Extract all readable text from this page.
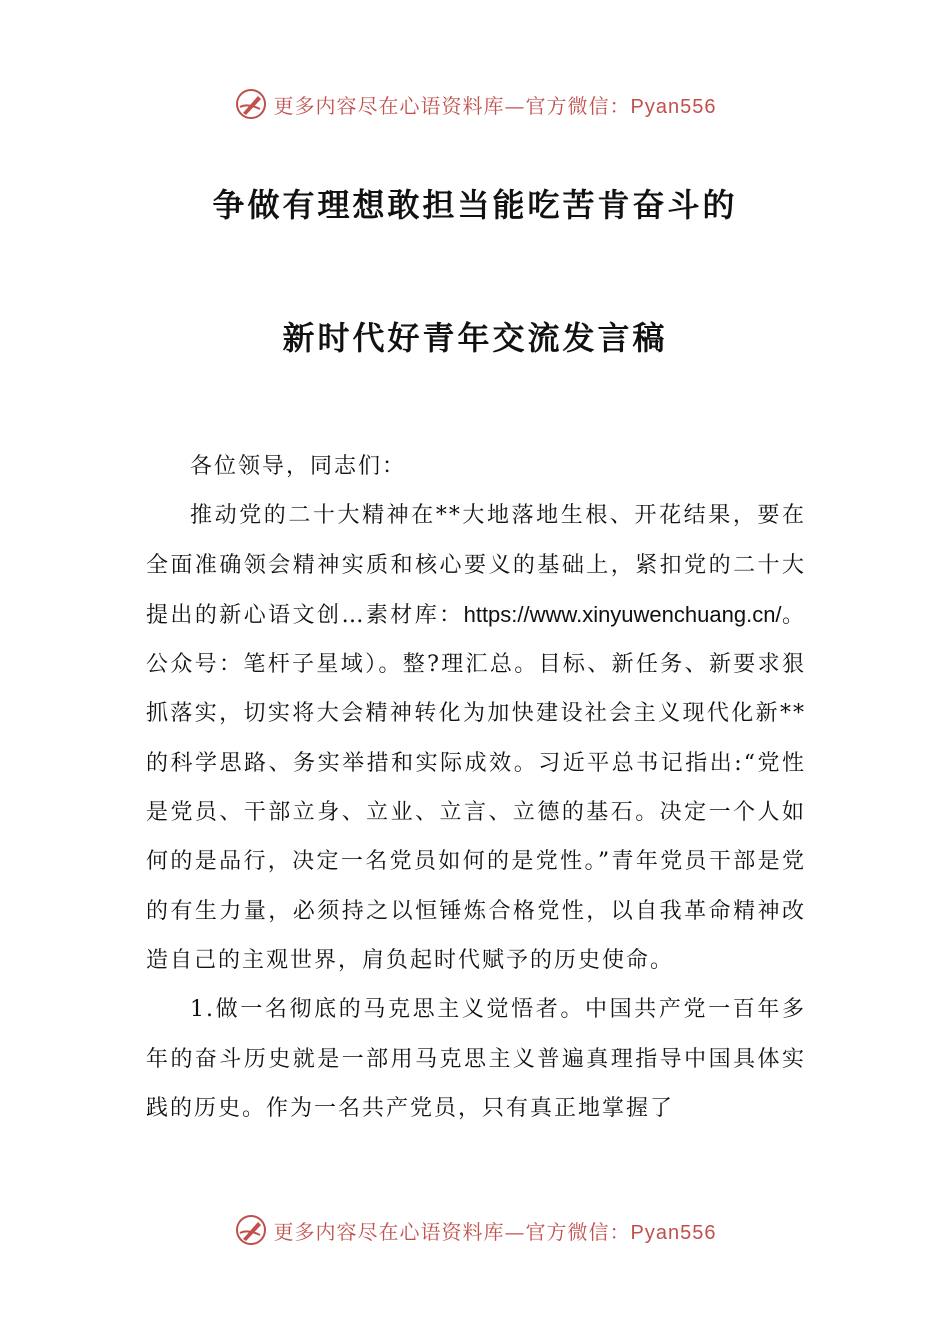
更多内容尽在心语资料库—官方微信：Pyan556
争做有理想敢担当能吃苦肯奋斗的
新时代好青年交流发言稿

各位领导，同志们：

推动党的二十大精神在**大地落地生根、开花结果，要在全面准确领会精神实质和核心要义的基础上，紧扣党的二十大提出的新心语文创…素材库：https://www.xinyuwenchuang.cn/。公众号：笔杆子星域）。整?理汇总。目标、新任务、新要求狠抓落实，切实将大会精神转化为加快建设社会主义现代化新**的科学思路、务实举措和实际成效。习近平总书记指出:“党性是党员、干部立身、立业、立言、立德的基石。决定一个人如何的是品行，决定一名党员如何的是党性。”青年党员干部是党的有生力量，必须持之以恒锤炼合格党性，以自我革命精神改造自己的主观世界，肩负起时代赋予的历史使命。

1.做一名彻底的马克思主义觉悟者。中国共产党一百年多年的奋斗历史就是一部用马克思主义普遍真理指导中国具体实践的历史。作为一名共产党员，只有真正地掌握了

更多内容尽在心语资料库—官方微信：Pyan556
